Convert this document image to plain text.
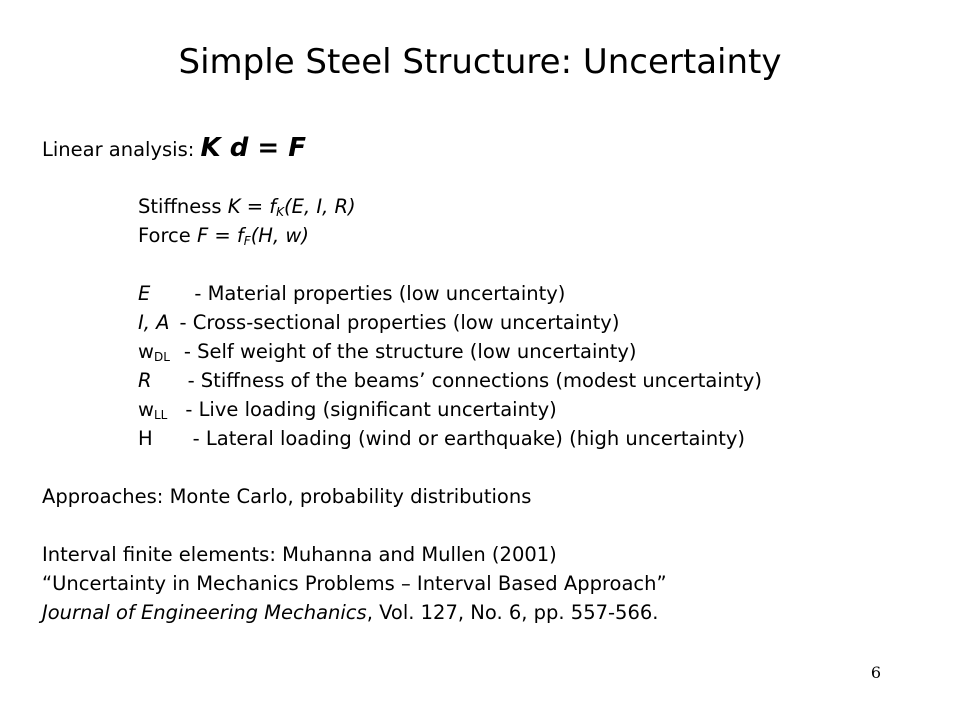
Simple Steel Structure: Uncertainty
Linear analysis: K d = F
Stiffness $K = f_K(E$, I, R)
Force $F = f_F(H$, w)
E - Material properties (low uncertainty)
I, A - Cross-sectional properties (low uncertainty)
$w_{DL}$ - Self weight of the structure (low uncertainty)
R - Stiffness of the beams’ connections (modest uncertainty)
$w_{LL}$ - Live loading (significant uncertainty)
H - Lateral loading (wind or earthquake) (high uncertainty)
Approaches: Monte Carlo, probability distributions
Interval finite elements: Muhanna and Mullen (2001)
“Uncertainty in Mechanics Problems – Interval Based Approach”
Journal of Engineering Mechanics, Vol. 127, No. 6, pp. 557-566.
6
